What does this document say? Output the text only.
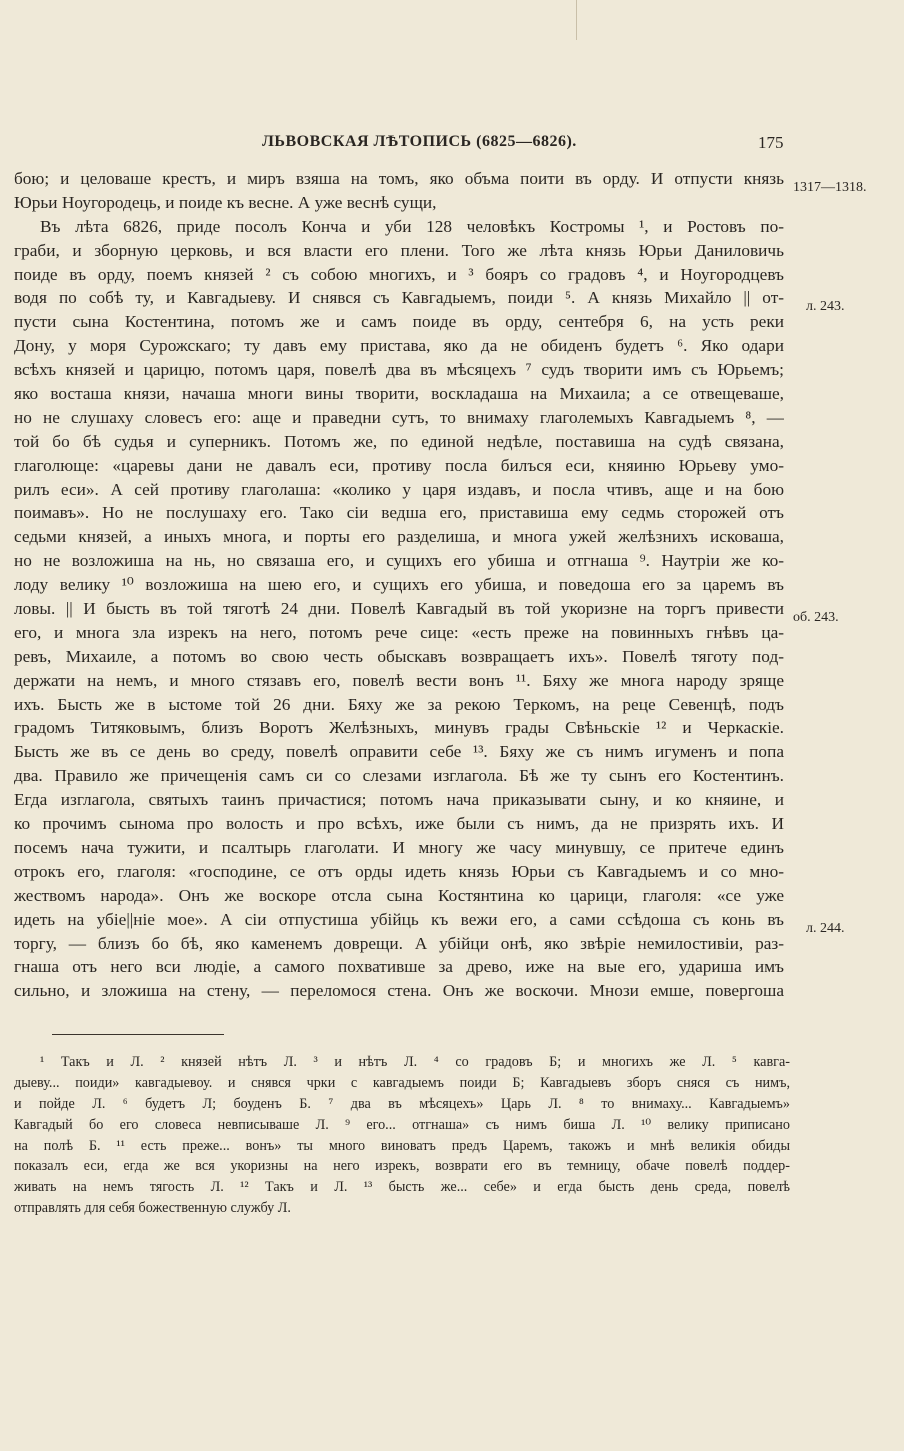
ЛЬВОВСКАЯ ЛѢТОПИСЬ (6825—6826).	175
бою; и целоваше крестъ, и миръ взяша на томъ, яко объма поити въ орду. И отпусти князь
Юрьи Ноугородець, и поиде къ весне. А уже веснѣ сущи,
Въ лѣта 6826, приде посолъ Конча и уби 128 человѣкъ Костромы ¹, и Ростовъ по-
граби, и зборную церковь, и вся власти его плени. Того же лѣта князь Юрьи Даниловичь
поиде въ орду, поемъ князей ² съ собою многихъ, и ³ бояръ со градовъ ⁴, и Ноугородцевъ
водя по собѣ ту, и Кавгадыеву. И снявся съ Кавгадыемъ, поиди ⁵. А князь Михайло || от-
пусти сына Костентина, потомъ же и самъ поиде въ орду, сентебря 6, на усть реки
Дону, у моря Сурожскаго; ту давъ ему пристава, яко да не обиденъ будетъ ⁶. Яко одари
всѣхъ князей и царицю, потомъ царя, повелѣ два въ мѣсяцехъ ⁷ судъ творити имъ съ Юрьемъ;
яко восташа князи, начаша многи вины творити, воскладаша на Михаила; а се отвещеваше,
но не слушаху словесъ его: аще и праведни сутъ, то внимаху глаголемыхъ Кавгадыемъ ⁸, —
той бо бѣ судья и суперникъ. Потомъ же, по единой недѣле, поставиша на судѣ связана,
глаголюще: «царевы дани не давалъ еси, противу посла билъся еси, княиню Юрьеву умо-
рилъ еси». А сей противу глаголаша: «колико у царя издавъ, и посла чтивъ, аще и на бою
поимавъ». Но не послушаху его. Тако сіи ведша его, приставиша ему седмь сторожей отъ
седьми князей, а иныхъ многа, и порты его разделиша, и многа ужей желѣзнихъ исковаша,
но не возложиша на нь, но связаша его, и сущихъ его убиша и отгнаша ⁹. Наутріи же ко-
лоду велику ¹⁰ возложиша на шею его, и сущихъ его убиша, и поведоша его за царемъ въ
ловы. || И бысть въ той тяготѣ 24 дни. Повелѣ Кавгадый въ той укоризне на торгъ привести
его, и многа зла изрекъ на него, потомъ рече сице: «есть преже на повинныхъ гнѣвъ ца-
ревъ, Михаиле, а потомъ во свою честь обыскавъ возвращаетъ ихъ». Повелѣ тяготу под-
держати на немъ, и много стязавъ его, повелѣ вести вонъ ¹¹. Бяху же многа народу зряще
ихъ. Бысть же в ыстоме той 26 дни. Бяху же за рекою Теркомъ, на реце Севенцѣ, подъ
градомъ Титяковымъ, близъ Воротъ Желѣзныхъ, минувъ грады Свѣньскіе ¹² и Черкаскіе.
Бысть же въ се день во среду, повелѣ оправити себе ¹³. Бяху же съ нимъ игуменъ и попа
два. Правило же причещенія самъ си со слезами изглагола. Бѣ же ту сынъ его Костентинъ.
Егда изглагола, святыхъ таинъ причастися; потомъ нача приказывати сыну, и ко княине, и
ко прочимъ сынома про волость и про всѣхъ, иже были съ нимъ, да не призрять ихъ. И
посемъ нача тужити, и псалтырь глаголати. И многу же часу минувшу, се притече единъ
отрокъ его, глаголя: «господине, се отъ орды идеть князь Юрьи съ Кавгадыемъ и со мно-
жествомъ народа». Онъ же воскоре отсла сына Костянтина ко царици, глаголя: «се уже
идеть на убіе||ніе мое». А сіи отпустиша убійць къ вежи его, а сами ссѣдоша съ конь въ
торгу, — близъ бо бѣ, яко каменемъ доврещи. А убійци онѣ, яко звѣріе немилостивіи, раз-
гнаша отъ него вси людіе, а самого похвативше за древо, иже на вые его, удариша имъ
сильно, и зложиша на стену, — переломося стена. Онъ же воскочи. Мнози емше, повергоша
1317—1318.
л. 243.
об. 243.
л. 244.
¹ Такъ и Л. ² князей нѣтъ Л. ³ и нѣтъ Л. ⁴ со градовъ Б; и многихъ же Л. ⁵ кавга-
дыеву... поиди» кавгадыевоу. и снявся чрки с кавгадыемъ поиди Б; Кавгадыевъ зборъ сняся съ нимъ,
и пойде Л. ⁶ будетъ Л; боуденъ Б. ⁷ два въ мѣсяцехъ» Царь Л. ⁸ то внимаху... Кавгадыемъ»
Кавгадый бо его словеса невписываше Л. ⁹ его... отгнаша» съ нимъ биша Л. ¹⁰ велику приписано
на полѣ Б. ¹¹ есть преже... вонъ» ты много виноватъ предъ Царемъ, такожъ и мнѣ великія обиды
показалъ еси, егда же вся укоризны на него изрекъ, возврати его въ темницу, обаче повелѣ поддер-
живать на немъ тягость Л. ¹² Такъ и Л. ¹³ бысть же... себе» и егда бысть день среда, повелѣ
отправлять для себя божественную службу Л.
